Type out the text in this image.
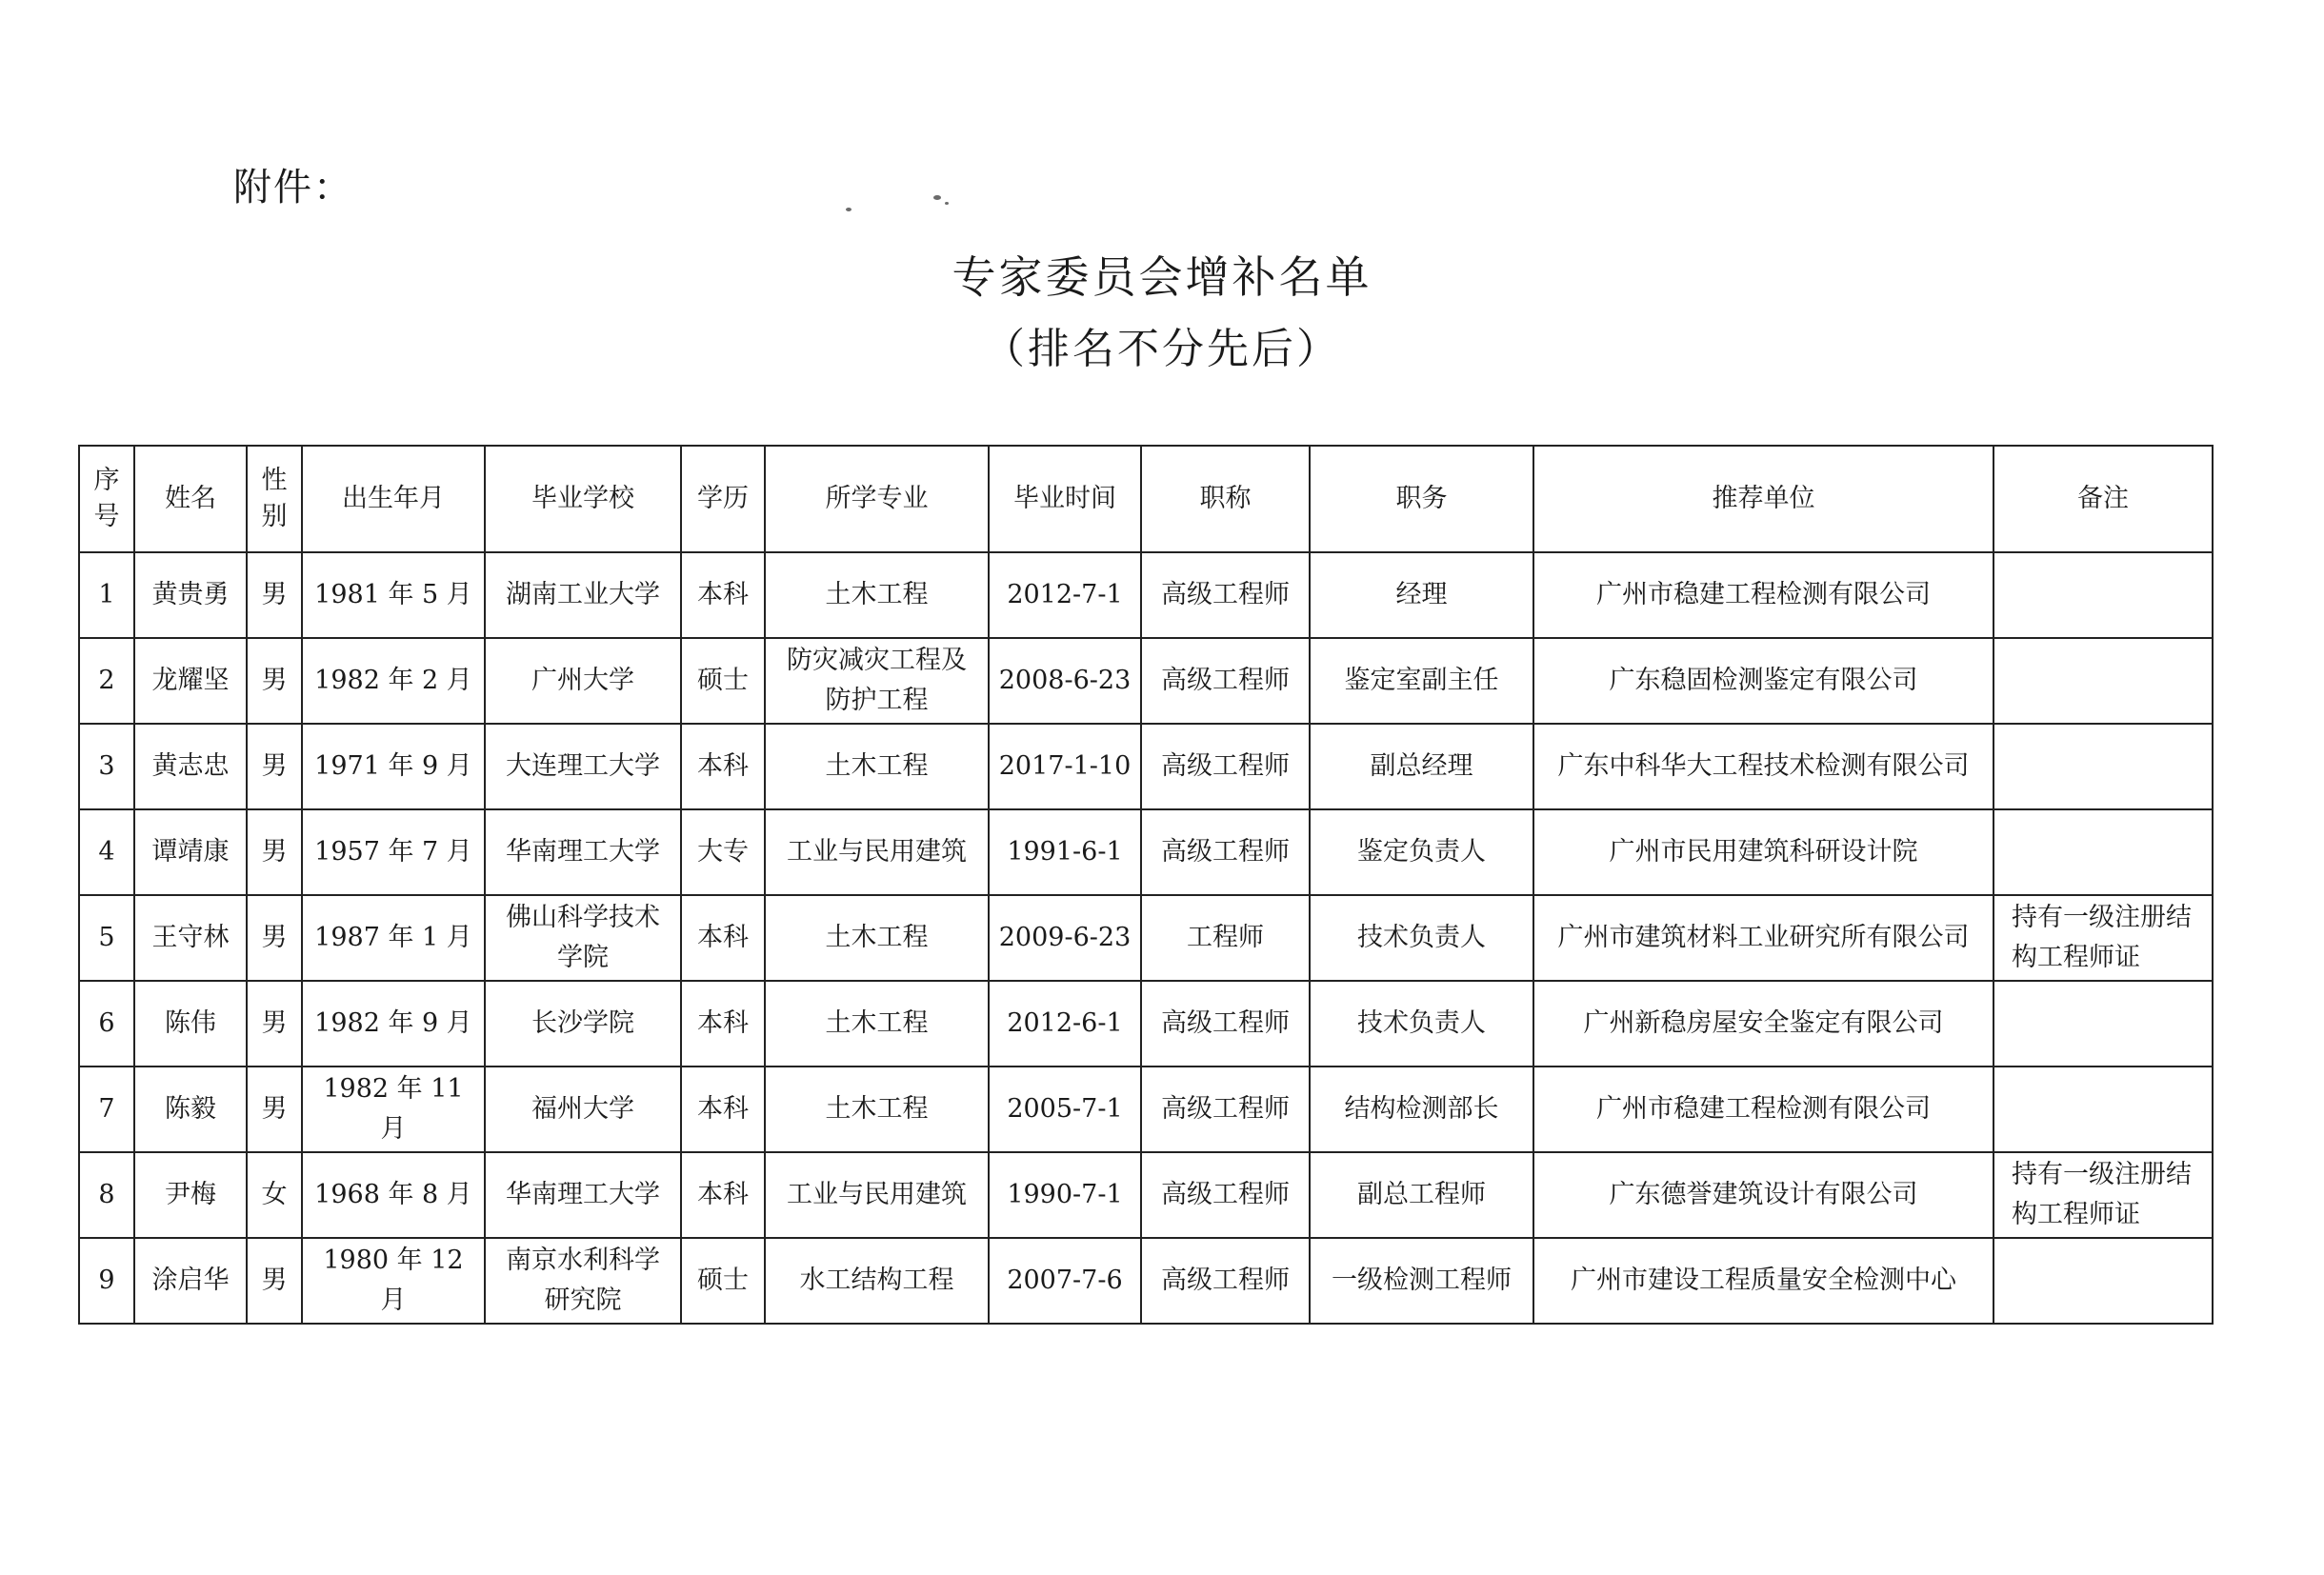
附件：
专家委员会增补名单
（排名不分先后）
序号	姓名	性别	出生年月	毕业学校	学历	所学专业	毕业时间	职称	职务	推荐单位	备注
1	黄贵勇	男	1981 年 5 月	湖南工业大学	本科	土木工程	2012-7-1	高级工程师	经理	广州市稳建工程检测有限公司	
2	龙耀坚	男	1982 年 2 月	广州大学	硕士	防灾减灾工程及防护工程	2008-6-23	高级工程师	鉴定室副主任	广东稳固检测鉴定有限公司	
3	黄志忠	男	1971 年 9 月	大连理工大学	本科	土木工程	2017-1-10	高级工程师	副总经理	广东中科华大工程技术检测有限公司	
4	谭靖康	男	1957 年 7 月	华南理工大学	大专	工业与民用建筑	1991-6-1	高级工程师	鉴定负责人	广州市民用建筑科研设计院	
5	王守林	男	1987 年 1 月	佛山科学技术学院	本科	土木工程	2009-6-23	工程师	技术负责人	广州市建筑材料工业研究所有限公司	持有一级注册结构工程师证
6	陈伟	男	1982 年 9 月	长沙学院	本科	土木工程	2012-6-1	高级工程师	技术负责人	广州新稳房屋安全鉴定有限公司	
7	陈毅	男	1982 年 11 月	福州大学	本科	土木工程	2005-7-1	高级工程师	结构检测部长	广州市稳建工程检测有限公司	
8	尹梅	女	1968 年 8 月	华南理工大学	本科	工业与民用建筑	1990-7-1	高级工程师	副总工程师	广东德誉建筑设计有限公司	持有一级注册结构工程师证
9	涂启华	男	1980 年 12 月	南京水利科学研究院	硕士	水工结构工程	2007-7-6	高级工程师	一级检测工程师	广州市建设工程质量安全检测中心	
